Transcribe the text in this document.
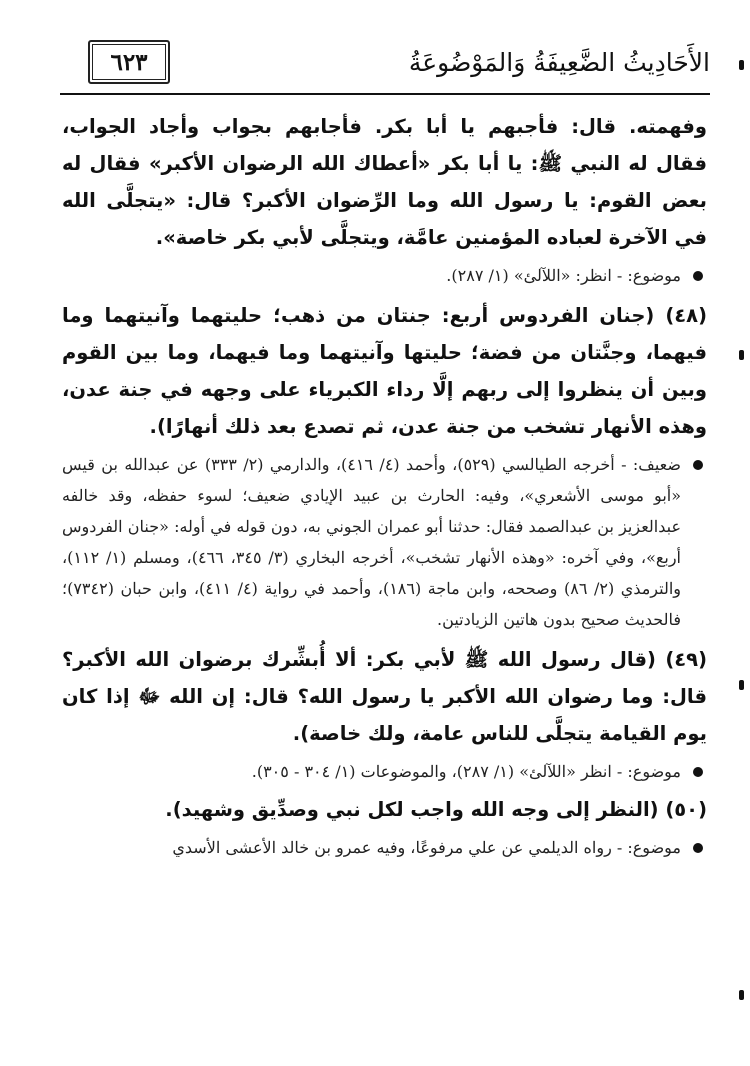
الأَحَادِيثُ الضَّعِيفَةُ وَالمَوْضُوعَةُ
٦٢٣

وفهمته. قال: فأجبهم يا أبا بكر. فأجابهم بجواب وأجاد الجواب، فقال له النبي ﷺ: يا أبا بكر «أعطاك الله الرضوان الأكبر» فقال له بعض القوم: يا رسول الله وما الرِّضوان الأكبر؟ قال: «يتجلَّى الله في الآخرة لعباده المؤمنين عامَّة، ويتجلَّى لأبي بكر خاصة».

موضوع: - انظر: «اللآلئ» (١/ ٢٨٧).

(٤٨) (جنان الفردوس أربع: جنتان من ذهب؛ حليتهما وآنيتهما وما فيهما، وجنَّتان من فضة؛ حليتها وآنيتهما وما فيهما، وما بين القوم وبين أن ينظروا إلى ربهم إلَّا رداء الكبرياء على وجهه في جنة عدن، وهذه الأنهار تشخب من جنة عدن، ثم تصدع بعد ذلك أنهارًا).

ضعيف: - أخرجه الطيالسي (٥٢٩)، وأحمد (٤/ ٤١٦)، والدارمي (٢/ ٣٣٣) عن عبدالله بن قيس «أبو موسى الأشعري»، وفيه: الحارث بن عبيد الإيادي ضعيف؛ لسوء حفظه، وقد خالفه عبدالعزيز بن عبدالصمد فقال: حدثنا أبو عمران الجوني به، دون قوله في أوله: «جنان الفردوس أربع»، وفي آخره: «وهذه الأنهار تشخب»، أخرجه البخاري (٣/ ٣٤٥، ٤٦٦)، ومسلم (١/ ١١٢)، والترمذي (٢/ ٨٦) وصححه، وابن ماجة (١٨٦)، وأحمد في رواية (٤/ ٤١١)، وابن حبان (٧٣٤٢)؛ فالحديث صحيح بدون هاتين الزيادتين.

(٤٩) (قال رسول الله ﷺ لأبي بكر: ألا أُبشِّرك برضوان الله الأكبر؟ قال: وما رضوان الله الأكبر يا رسول الله؟ قال: إن الله ﷻ إذا كان يوم القيامة يتجلَّى للناس عامة، ولك خاصة).

موضوع: - انظر «اللآلئ» (١/ ٢٨٧)، والموضوعات (١/ ٣٠٤ - ٣٠٥).

(٥٠) (النظر إلى وجه الله واجب لكل نبي وصدِّيق وشهيد).

موضوع: - رواه الديلمي عن علي مرفوعًا، وفيه عمرو بن خالد الأعشى الأسدي
